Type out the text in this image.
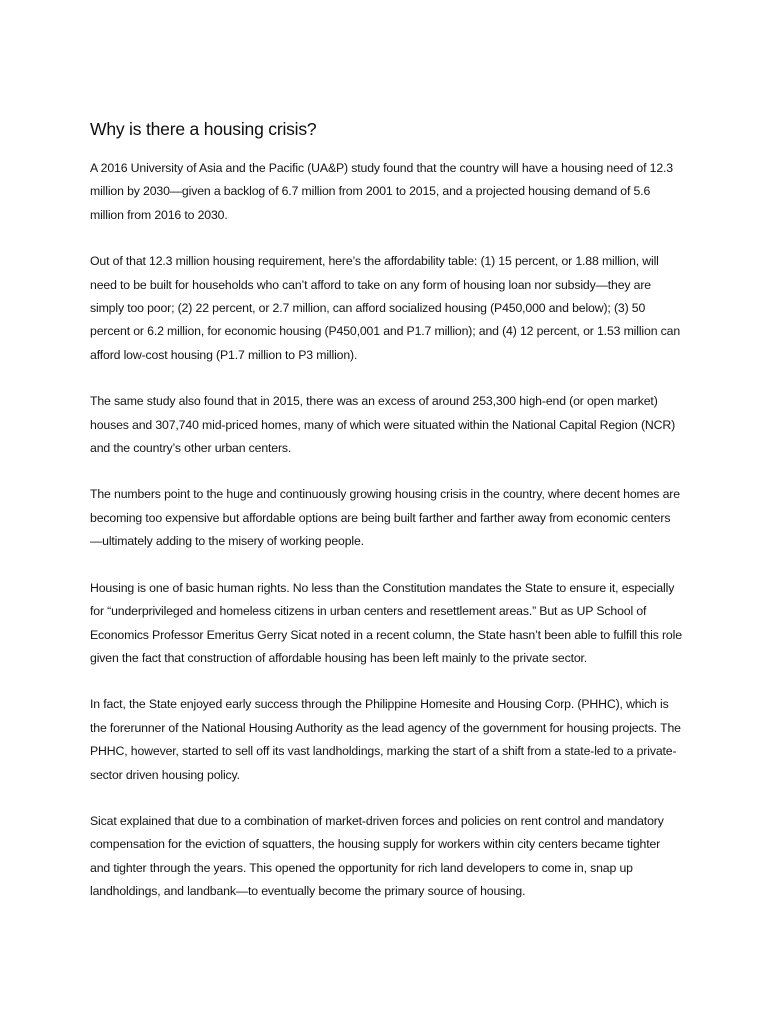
Why is there a housing crisis?

A 2016 University of Asia and the Pacific (UA&P) study found that the country will have a housing need of 12.3 million by 2030—given a backlog of 6.7 million from 2001 to 2015, and a projected housing demand of 5.6 million from 2016 to 2030.

Out of that 12.3 million housing requirement, here’s the affordability table: (1) 15 percent, or 1.88 million, will need to be built for households who can’t afford to take on any form of housing loan nor subsidy—they are simply too poor; (2) 22 percent, or 2.7 million, can afford socialized housing (P450,000 and below); (3) 50 percent or 6.2 million, for economic housing (P450,001 and P1.7 million); and (4) 12 percent, or 1.53 million can afford low-cost housing (P1.7 million to P3 million).

The same study also found that in 2015, there was an excess of around 253,300 high-end (or open market) houses and 307,740 mid-priced homes, many of which were situated within the National Capital Region (NCR) and the country’s other urban centers.

The numbers point to the huge and continuously growing housing crisis in the country, where decent homes are becoming too expensive but affordable options are being built farther and farther away from economic centers—ultimately adding to the misery of working people.

Housing is one of basic human rights. No less than the Constitution mandates the State to ensure it, especially for “underprivileged and homeless citizens in urban centers and resettlement areas.” But as UP School of Economics Professor Emeritus Gerry Sicat noted in a recent column, the State hasn’t been able to fulfill this role given the fact that construction of affordable housing has been left mainly to the private sector.

In fact, the State enjoyed early success through the Philippine Homesite and Housing Corp. (PHHC), which is the forerunner of the National Housing Authority as the lead agency of the government for housing projects. The PHHC, however, started to sell off its vast landholdings, marking the start of a shift from a state-led to a private-sector driven housing policy.

Sicat explained that due to a combination of market-driven forces and policies on rent control and mandatory compensation for the eviction of squatters, the housing supply for workers within city centers became tighter and tighter through the years. This opened the opportunity for rich land developers to come in, snap up landholdings, and landbank—to eventually become the primary source of housing.
